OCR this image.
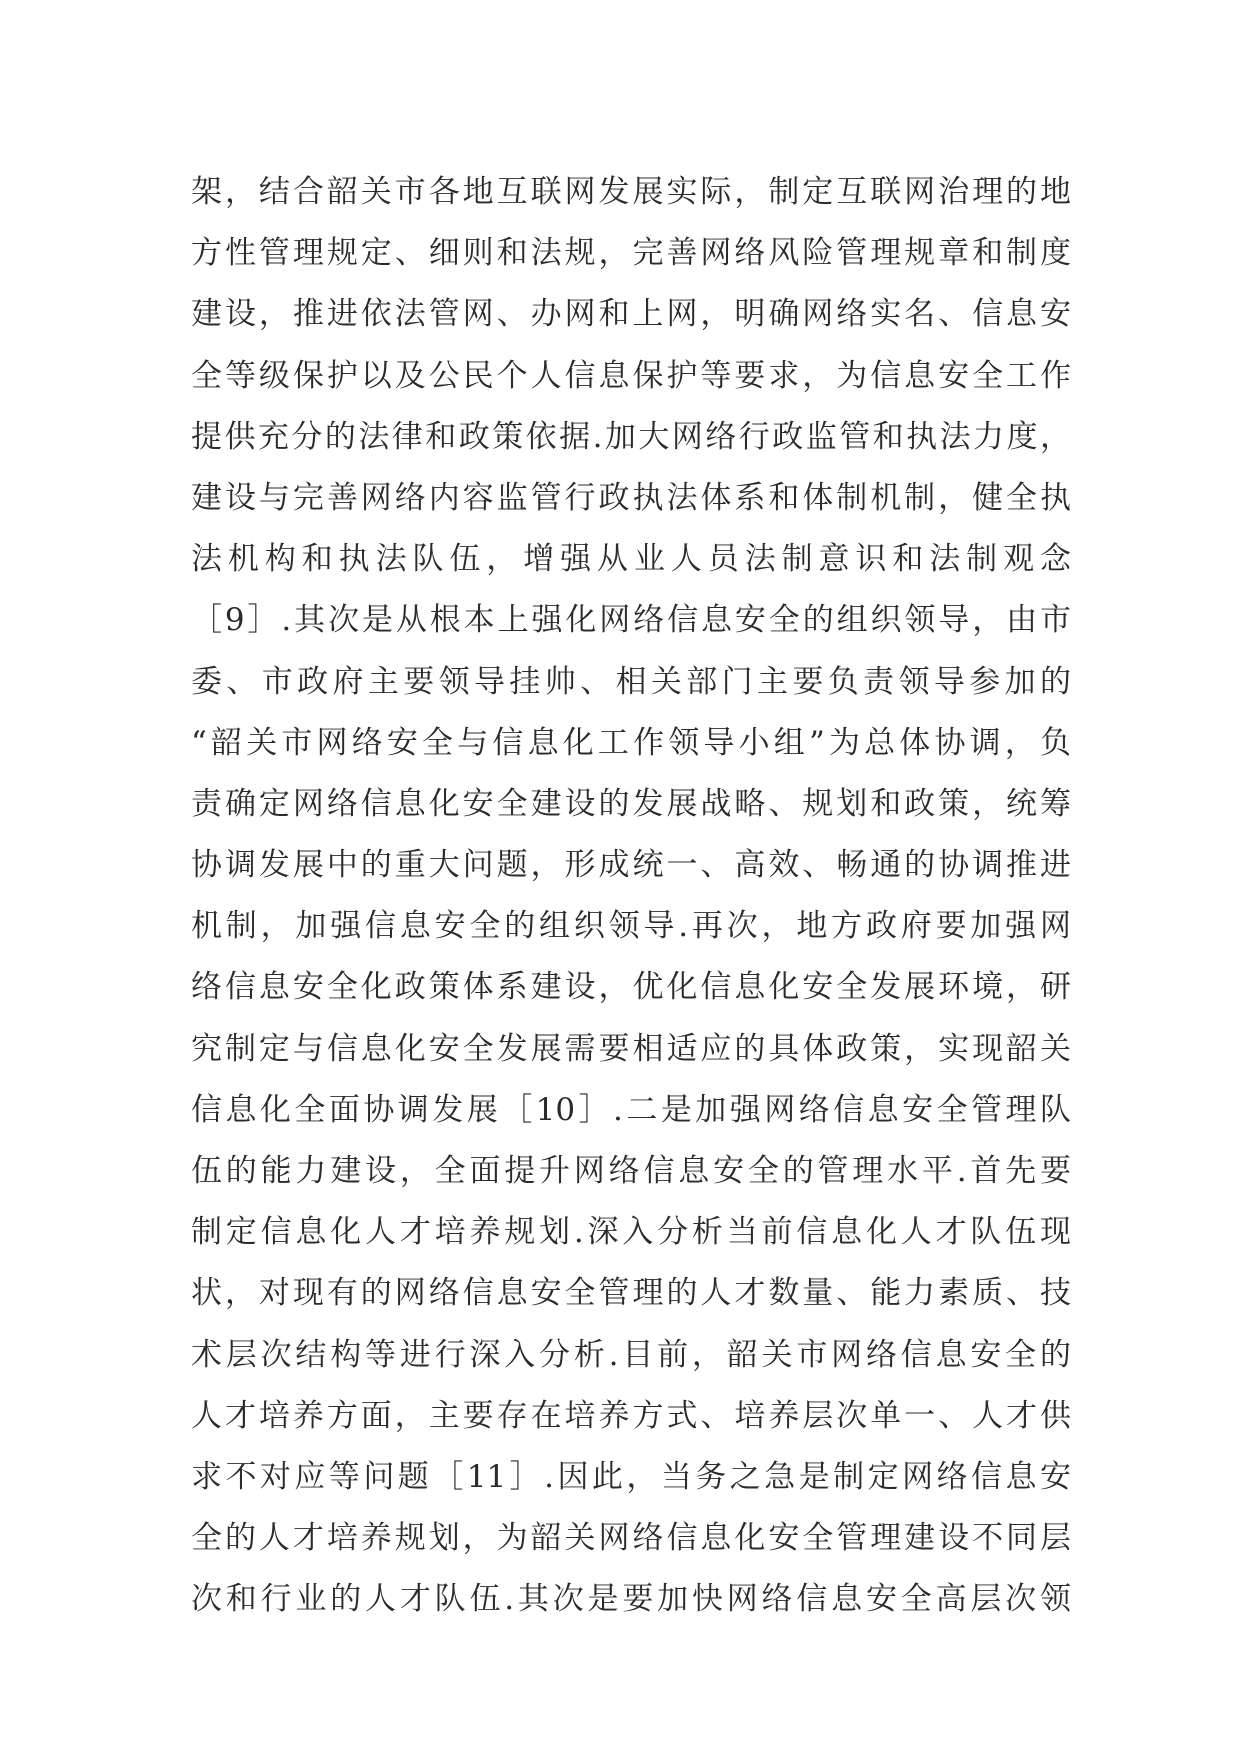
架，结合韶关市各地互联网发展实际，制定互联网治理的地
方性管理规定、细则和法规，完善网络风险管理规章和制度
建设，推进依法管网、办网和上网，明确网络实名、信息安
全等级保护以及公民个人信息保护等要求，为信息安全工作
提供充分的法律和政策依据.加大网络行政监管和执法力度，
建设与完善网络内容监管行政执法体系和体制机制，健全执
法机构和执法队伍，增强从业人员法制意识和法制观念
［9］.其次是从根本上强化网络信息安全的组织领导，由市
委、市政府主要领导挂帅、相关部门主要负责领导参加的
“韶关市网络安全与信息化工作领导小组”为总体协调，负
责确定网络信息化安全建设的发展战略、规划和政策，统筹
协调发展中的重大问题，形成统一、高效、畅通的协调推进
机制，加强信息安全的组织领导.再次，地方政府要加强网
络信息安全化政策体系建设，优化信息化安全发展环境，研
究制定与信息化安全发展需要相适应的具体政策，实现韶关
信息化全面协调发展［10］.二是加强网络信息安全管理队
伍的能力建设，全面提升网络信息安全的管理水平.首先要
制定信息化人才培养规划.深入分析当前信息化人才队伍现
状，对现有的网络信息安全管理的人才数量、能力素质、技
术层次结构等进行深入分析.目前，韶关市网络信息安全的
人才培养方面，主要存在培养方式、培养层次单一、人才供
求不对应等问题［11］.因此，当务之急是制定网络信息安
全的人才培养规划，为韶关网络信息化安全管理建设不同层
次和行业的人才队伍.其次是要加快网络信息安全高层次领
